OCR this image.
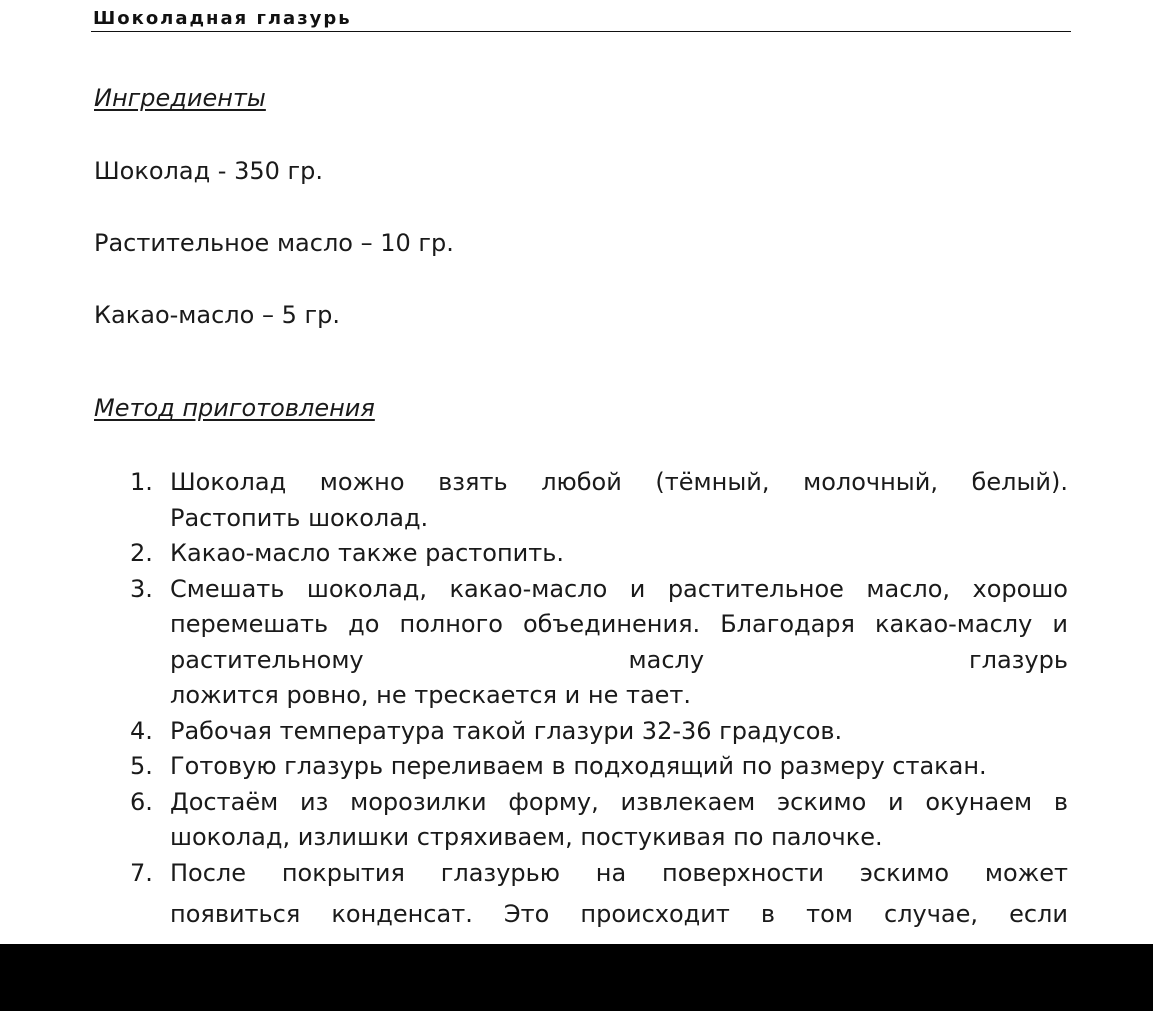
Шоколадная глазурь
Ингредиенты
Шоколад - 350 гр.
Растительное масло – 10 гр.
Какао-масло – 5 гр.
Метод приготовления
1. Шоколад можно взять любой (тёмный, молочный, белый).
Растопить шоколад.
2. Какао-масло также растопить.
3. Смешать шоколад, какао-масло и растительное масло, хорошо
перемешать до полного объединения. Благодаря какао-маслу и
растительному маслу глазурь
ложится ровно, не трескается и не тает.
4. Рабочая температура такой глазури 32-36 градусов.
5. Готовую глазурь переливаем в подходящий по размеру стакан.
6. Достаём из морозилки форму, извлекаем эскимо и окунаем в
шоколад, излишки стряхиваем, постукивая по палочке.
7. После покрытия глазурью на поверхности эскимо может
появиться конденсат. Это происходит в том случае, если
